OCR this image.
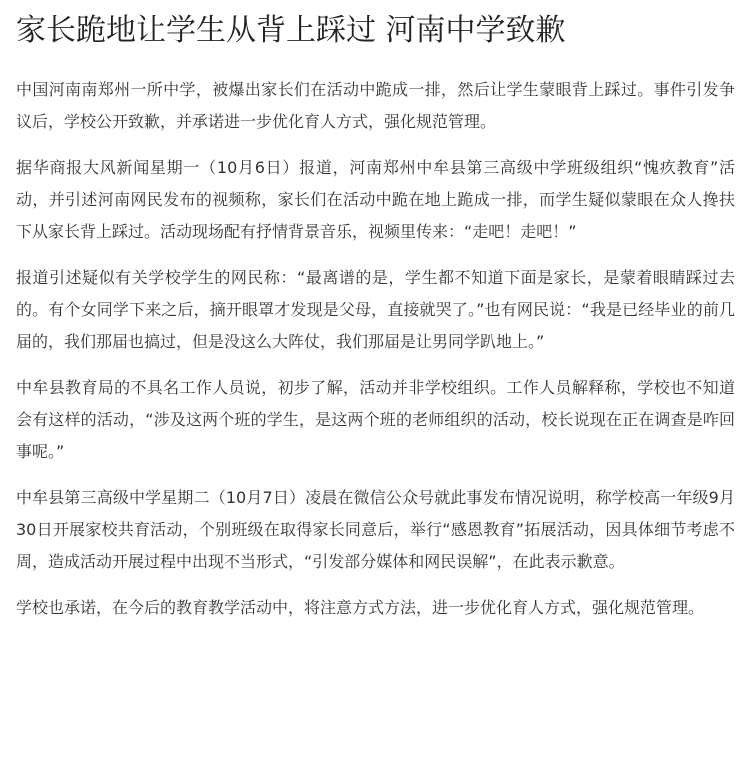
家长跪地让学生从背上踩过 河南中学致歉

中国河南南郑州一所中学，被爆出家长们在活动中跪成一排，然后让学生蒙眼背上踩过。事件引发争议后，学校公开致歉，并承诺进一步优化育人方式，强化规范管理。

据华商报大风新闻星期一（10月6日）报道，河南郑州中牟县第三高级中学班级组织“愧疚教育”活动，并引述河南网民发布的视频称，家长们在活动中跪在地上跪成一排，而学生疑似蒙眼在众人搀扶下从家长背上踩过。活动现场配有抒情背景音乐，视频里传来：“走吧！走吧！”

报道引述疑似有关学校学生的网民称：“最离谱的是，学生都不知道下面是家长，是蒙着眼睛踩过去的。有个女同学下来之后，摘开眼罩才发现是父母，直接就哭了。”也有网民说：“我是已经毕业的前几届的，我们那届也搞过，但是没这么大阵仗，我们那届是让男同学趴地上。”

中牟县教育局的不具名工作人员说，初步了解，活动并非学校组织。工作人员解释称，学校也不知道会有这样的活动，“涉及这两个班的学生，是这两个班的老师组织的活动，校长说现在正在调查是咋回事呢。”

中牟县第三高级中学星期二（10月7日）凌晨在微信公众号就此事发布情况说明，称学校高一年级9月30日开展家校共育活动，个别班级在取得家长同意后，举行“感恩教育”拓展活动，因具体细节考虑不周，造成活动开展过程中出现不当形式，“引发部分媒体和网民误解”，在此表示歉意。

学校也承诺，在今后的教育教学活动中，将注意方式方法，进一步优化育人方式，强化规范管理。
